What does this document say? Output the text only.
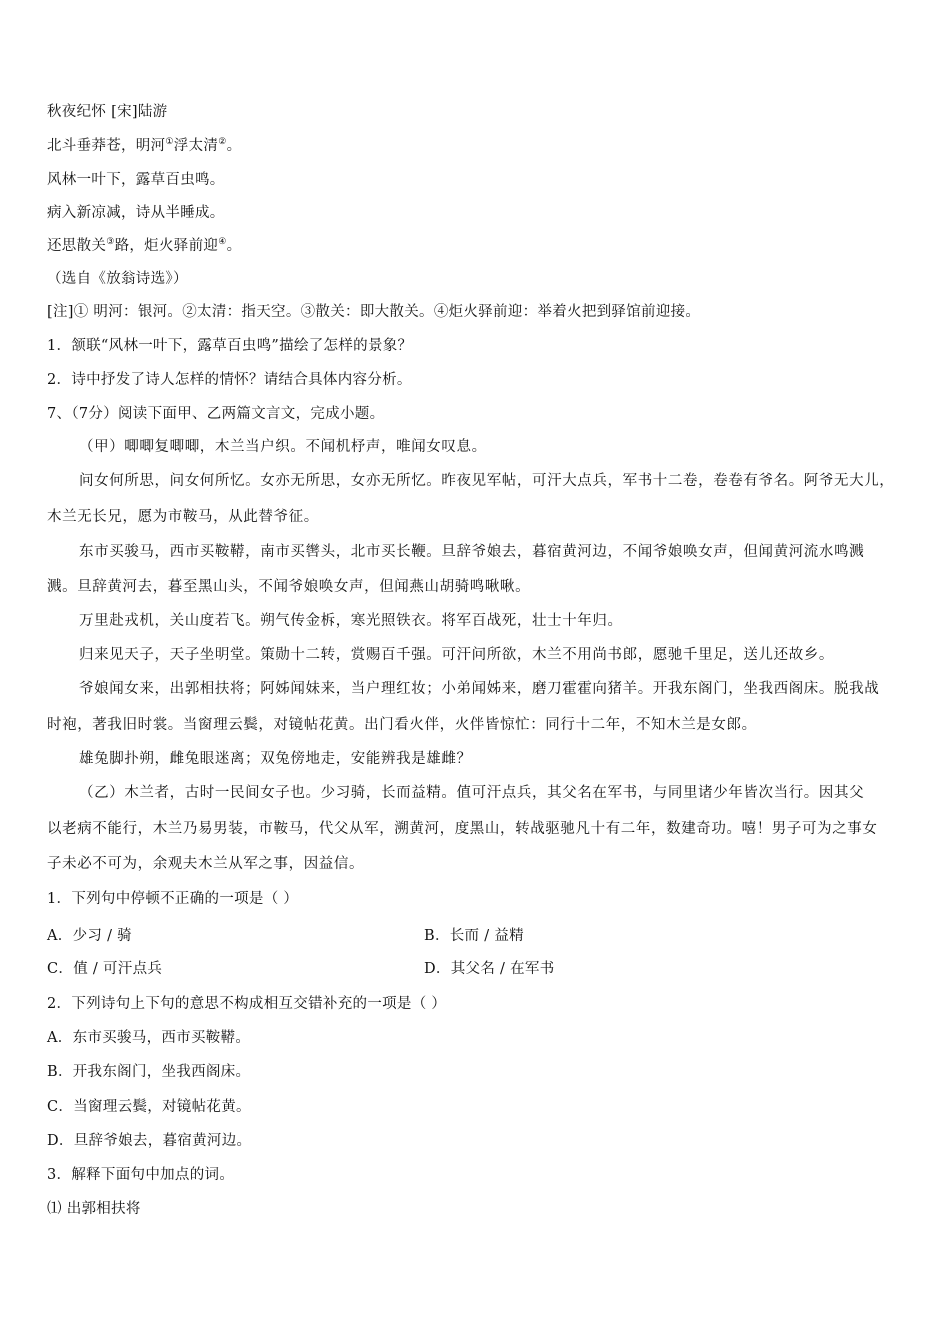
秋夜纪怀 [宋]陆游
北斗垂莽苍，明河①浮太清②。
风林一叶下，露草百虫鸣。
病入新凉减，诗从半睡成。
还思散关③路，炬火驿前迎④。
（选自《放翁诗选》）
[注]① 明河：银河。②太清：指天空。③散关：即大散关。④炬火驿前迎：举着火把到驿馆前迎接。
1．颔联“风林一叶下，露草百虫鸣”描绘了怎样的景象？
2．诗中抒发了诗人怎样的情怀？请结合具体内容分析。
7、（7分）阅读下面甲、乙两篇文言文，完成小题。
（甲）唧唧复唧唧，木兰当户织。不闻机杼声，唯闻女叹息。
问女何所思，问女何所忆。女亦无所思，女亦无所忆。昨夜见军帖，可汗大点兵，军书十二卷，卷卷有爷名。阿爷无大儿，
木兰无长兄，愿为市鞍马，从此替爷征。
东市买骏马，西市买鞍鞯，南市买辔头，北市买长鞭。旦辞爷娘去，暮宿黄河边，不闻爷娘唤女声，但闻黄河流水鸣溅
溅。旦辞黄河去，暮至黑山头，不闻爷娘唤女声，但闻燕山胡骑鸣啾啾。
万里赴戎机，关山度若飞。朔气传金柝，寒光照铁衣。将军百战死，壮士十年归。
归来见天子，天子坐明堂。策勋十二转，赏赐百千强。可汗问所欲，木兰不用尚书郎，愿驰千里足，送儿还故乡。
爷娘闻女来，出郭相扶将；阿姊闻妹来，当户理红妆；小弟闻姊来，磨刀霍霍向猪羊。开我东阁门，坐我西阁床。脱我战
时袍，著我旧时裳。当窗理云鬓，对镜帖花黄。出门看火伴，火伴皆惊忙：同行十二年，不知木兰是女郎。
雄兔脚扑朔，雌兔眼迷离；双兔傍地走，安能辨我是雄雌？
（乙）木兰者，古时一民间女子也。少习骑，长而益精。值可汗点兵，其父名在军书，与同里诸少年皆次当行。因其父
以老病不能行，木兰乃易男装，市鞍马，代父从军，溯黄河，度黑山，转战驱驰凡十有二年，数建奇功。嘻！男子可为之事女
子未必不可为，余观夫木兰从军之事，因益信。
1．下列句中停顿不正确的一项是（ ）
A．少习 / 骑	B．长而 / 益精
C．值 / 可汗点兵	D．其父名 / 在军书
2．下列诗句上下句的意思不构成相互交错补充的一项是（ ）
A．东市买骏马，西市买鞍鞯。
B．开我东阁门，坐我西阁床。
C．当窗理云鬓，对镜帖花黄。
D．旦辞爷娘去，暮宿黄河边。
3．解释下面句中加点的词。
⑴ 出郭相扶将
